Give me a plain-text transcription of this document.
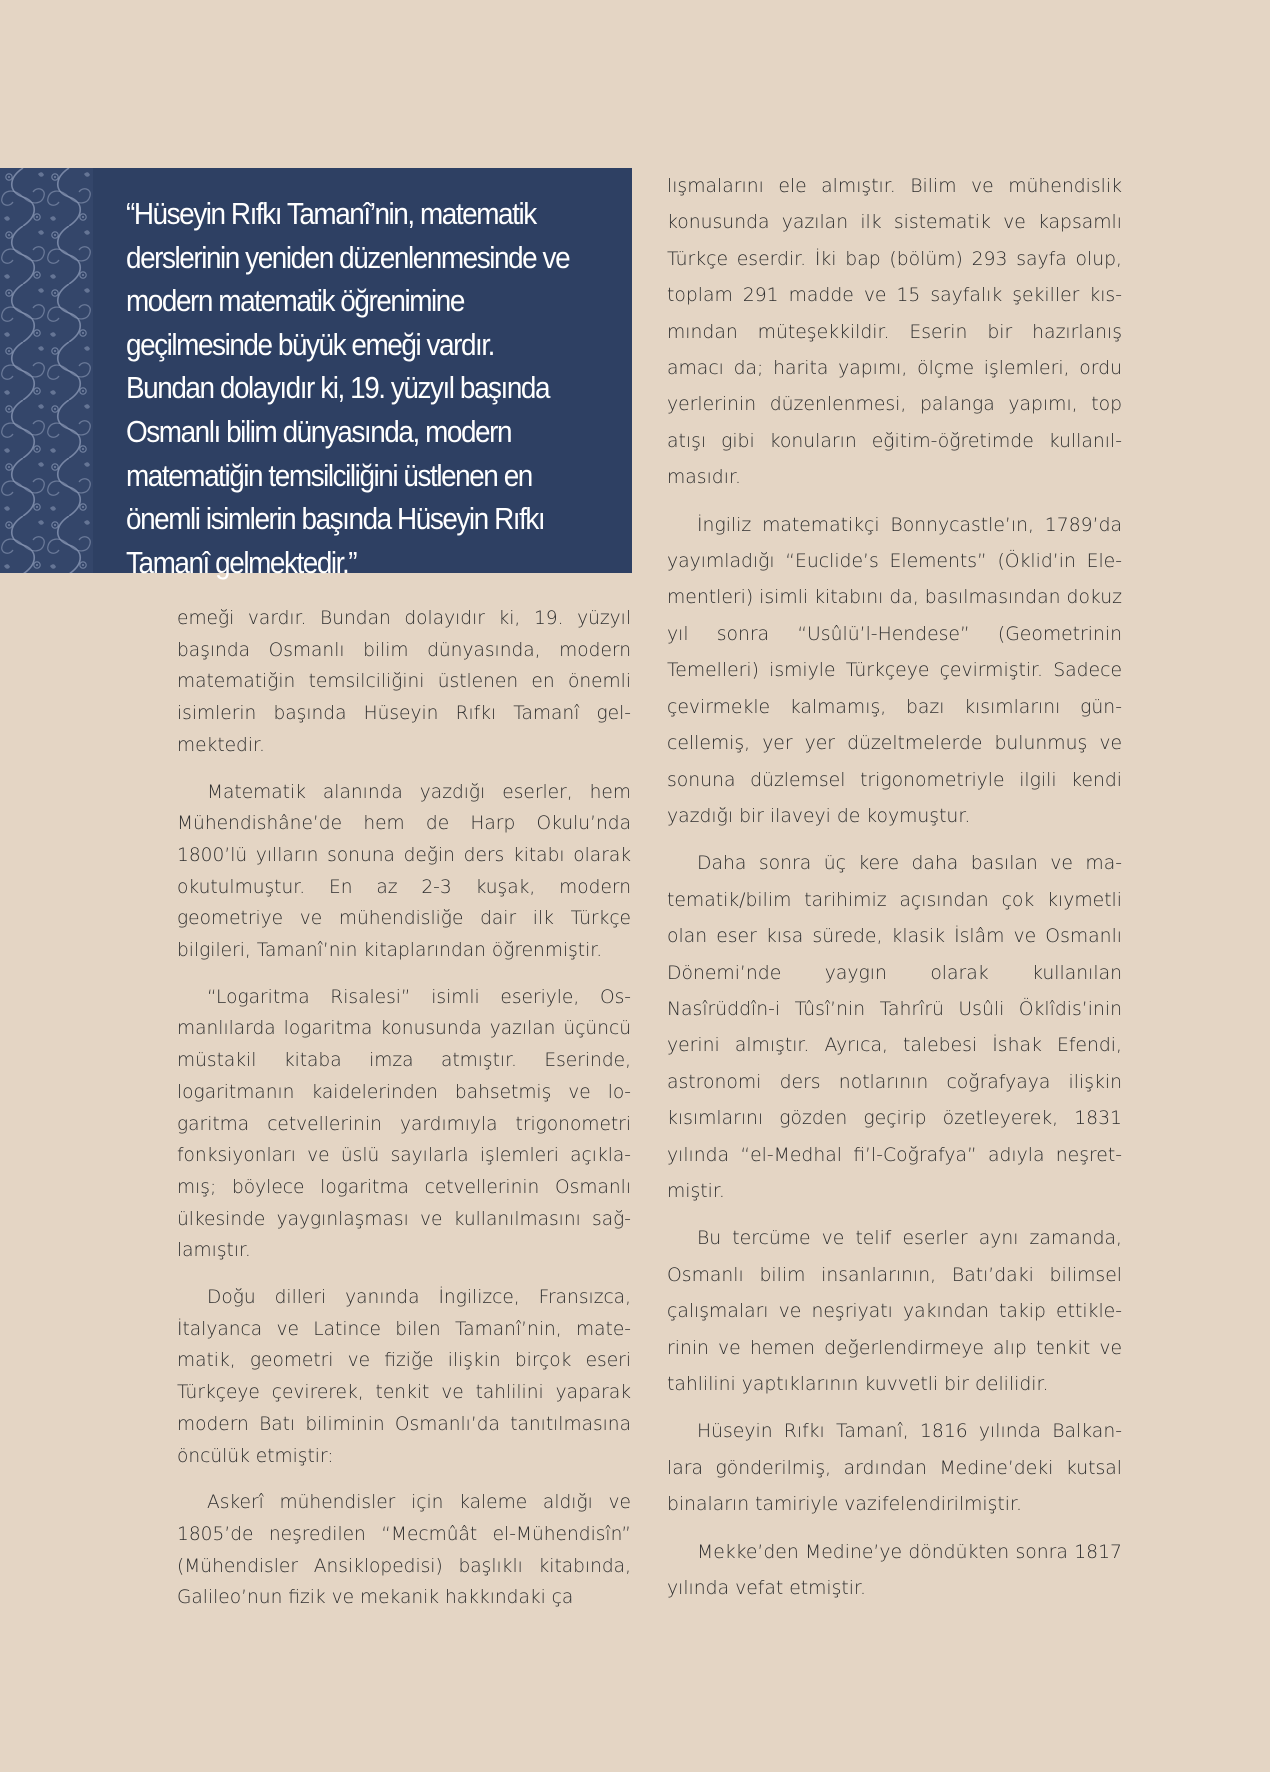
“Hüseyin Rıfkı Tamanî’nin, matematik derslerinin yeniden düzenlenmesinde ve modern matematik öğrenimine geçilmesinde büyük emeği vardır. Bundan dolayıdır ki, 19. yüzyıl başında Osmanlı bilim dünyasında, modern matematiğin temsilciliğini üstlenen en önemli isimlerin başında Hüseyin Rıfkı Tamanî gelmektedir.”

emeği vardır. Bundan dolayıdır ki, 19. yüzyıl başında Osmanlı bilim dünyasında, modern matematiğin temsilciliğini üstlenen en önemli isimlerin başında Hüseyin Rıfkı Tamanî gelmektedir.

Matematik alanında yazdığı eserler, hem Mühendishâne’de hem de Harp Okulu’nda 1800’lü yılların sonuna değin ders kitabı olarak okutulmuştur. En az 2-3 kuşak, modern geometriye ve mühendisliğe dair ilk Türkçe bilgileri, Tamanî’nin kitaplarından öğrenmiştir.

“Logaritma Risalesi” isimli eseriyle, Osmanlılarda logaritma konusunda yazılan üçüncü müstakil kitaba imza atmıştır. Eserinde, logaritmanın kaidelerinden bahsetmiş ve logaritma cetvellerinin yardımıyla trigonometri fonksiyonları ve üslü sayılarla işlemleri açıklamış; böylece logaritma cetvellerinin Osmanlı ülkesinde yaygınlaşması ve kullanılmasını sağlamıştır.

Doğu dilleri yanında İngilizce, Fransızca, İtalyanca ve Latince bilen Tamanî’nin, matematik, geometri ve fiziğe ilişkin birçok eseri Türkçeye çevirerek, tenkit ve tahlilini yaparak modern Batı biliminin Osmanlı’da tanıtılmasına öncülük etmiştir:

Askerî mühendisler için kaleme aldığı ve 1805’de neşredilen “Mecmûât el-Mühendisîn” (Mühendisler Ansiklopedisi) başlıklı kitabında, Galileo’nun fizik ve mekanik hakkındaki ça

lışmalarını ele almıştır. Bilim ve mühendislik konusunda yazılan ilk sistematik ve kapsamlı Türkçe eserdir. İki bap (bölüm) 293 sayfa olup, toplam 291 madde ve 15 sayfalık şekiller kısmından müteşekkildir. Eserin bir hazırlanış amacı da; harita yapımı, ölçme işlemleri, ordu yerlerinin düzenlenmesi, palanga yapımı, top atışı gibi konuların eğitim-öğretimde kullanılmasıdır.

İngiliz matematikçi Bonnycastle’ın, 1789’da yayımladığı “Euclide’s Elements” (Öklid’in Elementleri) isimli kitabını da, basılmasından dokuz yıl sonra “Usûlü’l-Hendese” (Geometrinin Temelleri) ismiyle Türkçeye çevirmiştir. Sadece çevirmekle kalmamış, bazı kısımlarını güncellemiş, yer yer düzeltmelerde bulunmuş ve sonuna düzlemsel trigonometriyle ilgili kendi yazdığı bir ilaveyi de koymuştur.

Daha sonra üç kere daha basılan ve matematik/bilim tarihimiz açısından çok kıymetli olan eser kısa sürede, klasik İslâm ve Osmanlı Dönemi’nde yaygın olarak kullanılan Nasîrüddîn-i Tûsî’nin Tahrîrü Usûli Öklîdis’inin yerini almıştır. Ayrıca, talebesi İshak Efendi, astronomi ders notlarının coğrafyaya ilişkin kısımlarını gözden geçirip özetleyerek, 1831 yılında “el-Medhal fi’l-Coğrafya” adıyla neşretmiştir.

Bu tercüme ve telif eserler aynı zamanda, Osmanlı bilim insanlarının, Batı’daki bilimsel çalışmaları ve neşriyatı yakından takip ettiklerinin ve hemen değerlendirmeye alıp tenkit ve tahlilini yaptıklarının kuvvetli bir delilidir.

Hüseyin Rıfkı Tamanî, 1816 yılında Balkanlara gönderilmiş, ardından Medine’deki kutsal binaların tamiriyle vazifelendirilmiştir.

Mekke’den Medine’ye döndükten sonra 1817 yılında vefat etmiştir.
